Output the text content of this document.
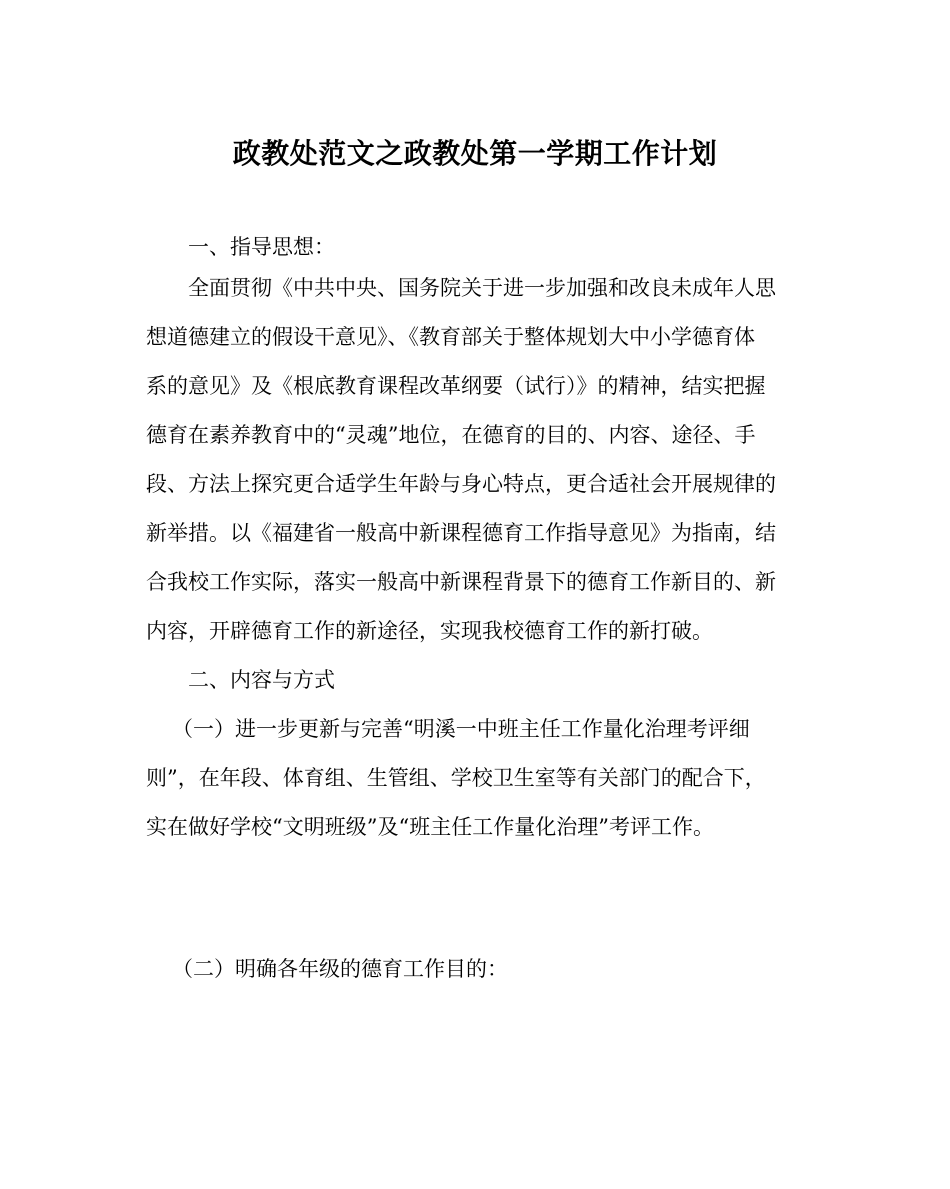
政教处范文之政教处第一学期工作计划
一、指导思想：
全面贯彻《中共中央、国务院关于进一步加强和改良未成年人思
想道德建立的假设干意见》、《教育部关于整体规划大中小学德育体
系的意见》及《根底教育课程改革纲要（试行）》的精神，结实把握
德育在素养教育中的“灵魂”地位，在德育的目的、内容、途径、手
段、方法上探究更合适学生年龄与身心特点，更合适社会开展规律的
新举措。以《福建省一般高中新课程德育工作指导意见》为指南，结
合我校工作实际，落实一般高中新课程背景下的德育工作新目的、新
内容，开辟德育工作的新途径，实现我校德育工作的新打破。
二、内容与方式
（一）进一步更新与完善“明溪一中班主任工作量化治理考评细
则”，在年段、体育组、生管组、学校卫生室等有关部门的配合下，
实在做好学校“文明班级”及“班主任工作量化治理”考评工作。
（二）明确各年级的德育工作目的：
